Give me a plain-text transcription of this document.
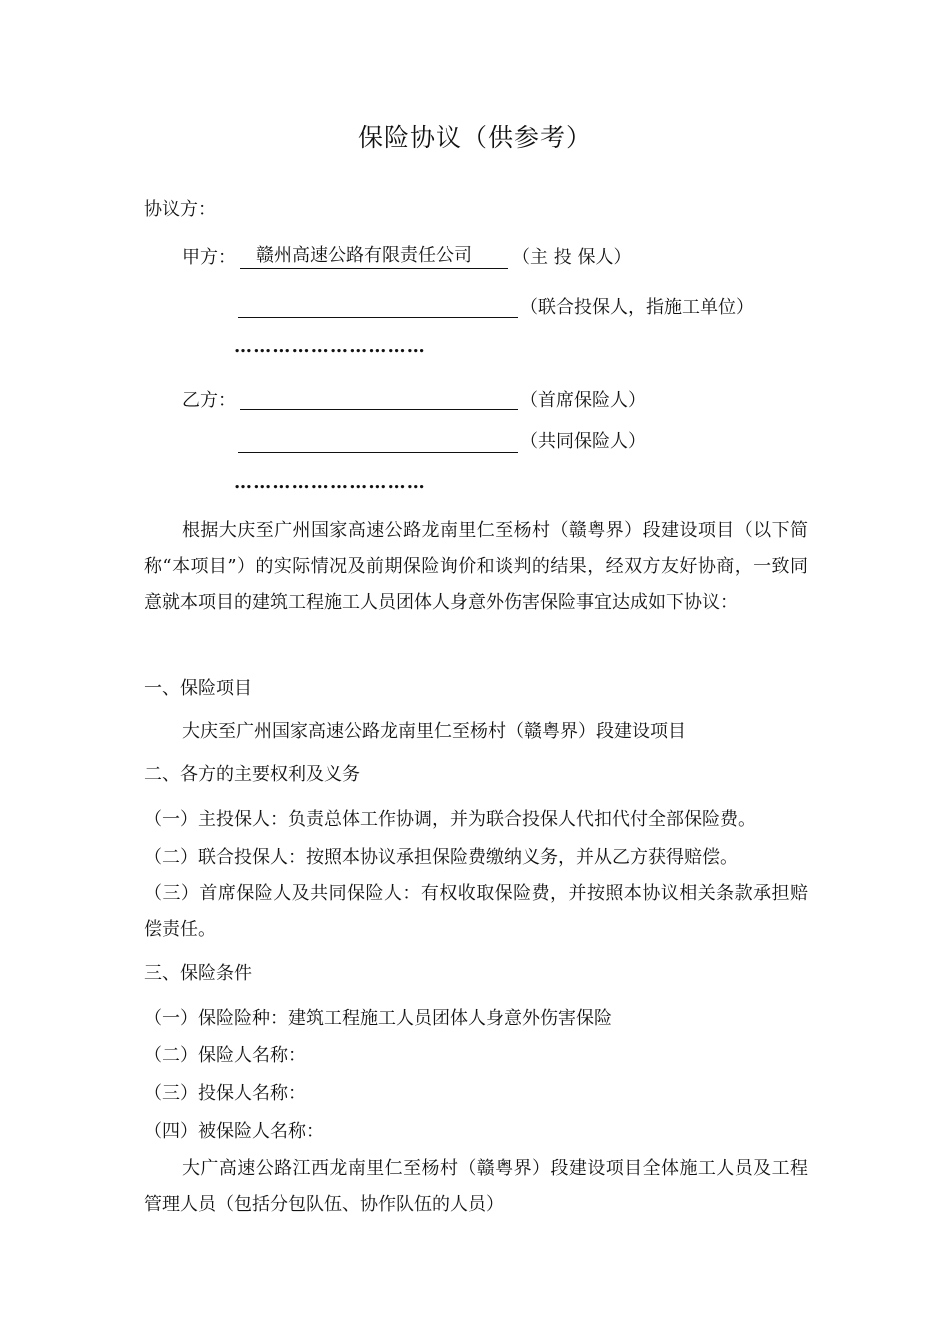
保险协议（供参考）
协议方：
甲方：	赣州高速公路有限责任公司	（主 投 保人）
（联合投保人，指施工单位）
…………………………
乙方：	（首席保险人）
（共同保险人）
…………………………
根据大庆至广州国家高速公路龙南里仁至杨村（赣粤界）段建设项目（以下简称“本项目”）的实际情况及前期保险询价和谈判的结果，经双方友好协商，一致同意就本项目的建筑工程施工人员团体人身意外伤害保险事宜达成如下协议：
一、保险项目
大庆至广州国家高速公路龙南里仁至杨村（赣粤界）段建设项目
二、各方的主要权利及义务
（一）主投保人：负责总体工作协调，并为联合投保人代扣代付全部保险费。
（二）联合投保人：按照本协议承担保险费缴纳义务，并从乙方获得赔偿。
（三）首席保险人及共同保险人：有权收取保险费，并按照本协议相关条款承担赔偿责任。
三、保险条件
（一）保险险种：建筑工程施工人员团体人身意外伤害保险
（二）保险人名称：
（三）投保人名称：
（四）被保险人名称：
大广高速公路江西龙南里仁至杨村（赣粤界）段建设项目全体施工人员及工程管理人员（包括分包队伍、协作队伍的人员）
